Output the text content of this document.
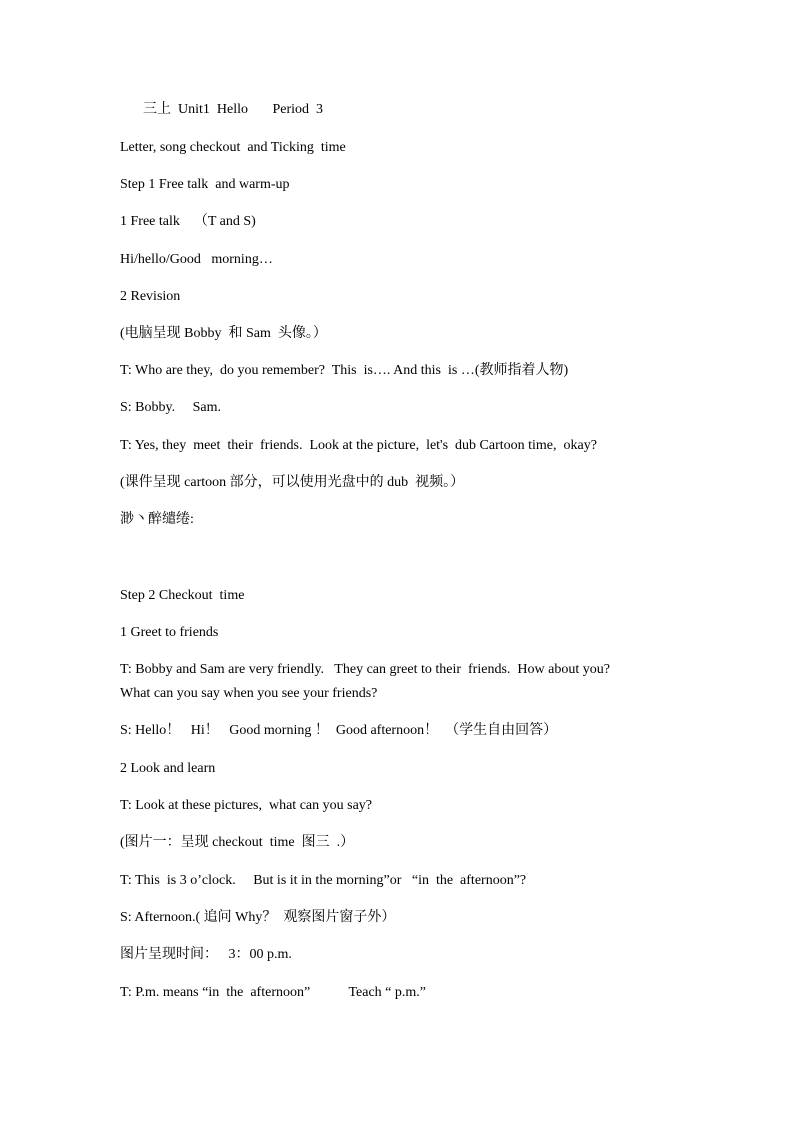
三上  Unit1  Hello       Period  3
Letter, song checkout  and Ticking  time
Step 1 Free talk  and warm-up
1 Free talk    （T and S)
Hi/hello/Good   morning…
2 Revision
(电脑呈现 Bobby  和 Sam  头像。）
T: Who are they,  do you remember?  This  is…. And this  is …(教师指着人物)
S: Bobby.     Sam.
T: Yes, they  meet  their  friends.  Look at the picture,  let's  dub Cartoon time,  okay?
(课件呈现 cartoon 部分，可以使用光盘中的 dub  视频。）
渺丶醉缱绻:
Step 2 Checkout  time
1 Greet to friends
T: Bobby and Sam are very friendly.   They can greet to their  friends.  How about you?
What can you say when you see your friends?
S: Hello！   Hi！   Good morning ！  Good afternoon！  （学生自由回答）
2 Look and learn
T: Look at these pictures,  what can you say?
(图片一：呈现 checkout  time  图三  .）
T: This  is 3 o’clock.     But is it in the morning”or   “in  the  afternoon”?
S: Afternoon.( 追问 Why？  观察图片窗子外）
图片呈现时间：   3：00 p.m.
T: P.m. means “in  the  afternoon”           Teach “ p.m.”
